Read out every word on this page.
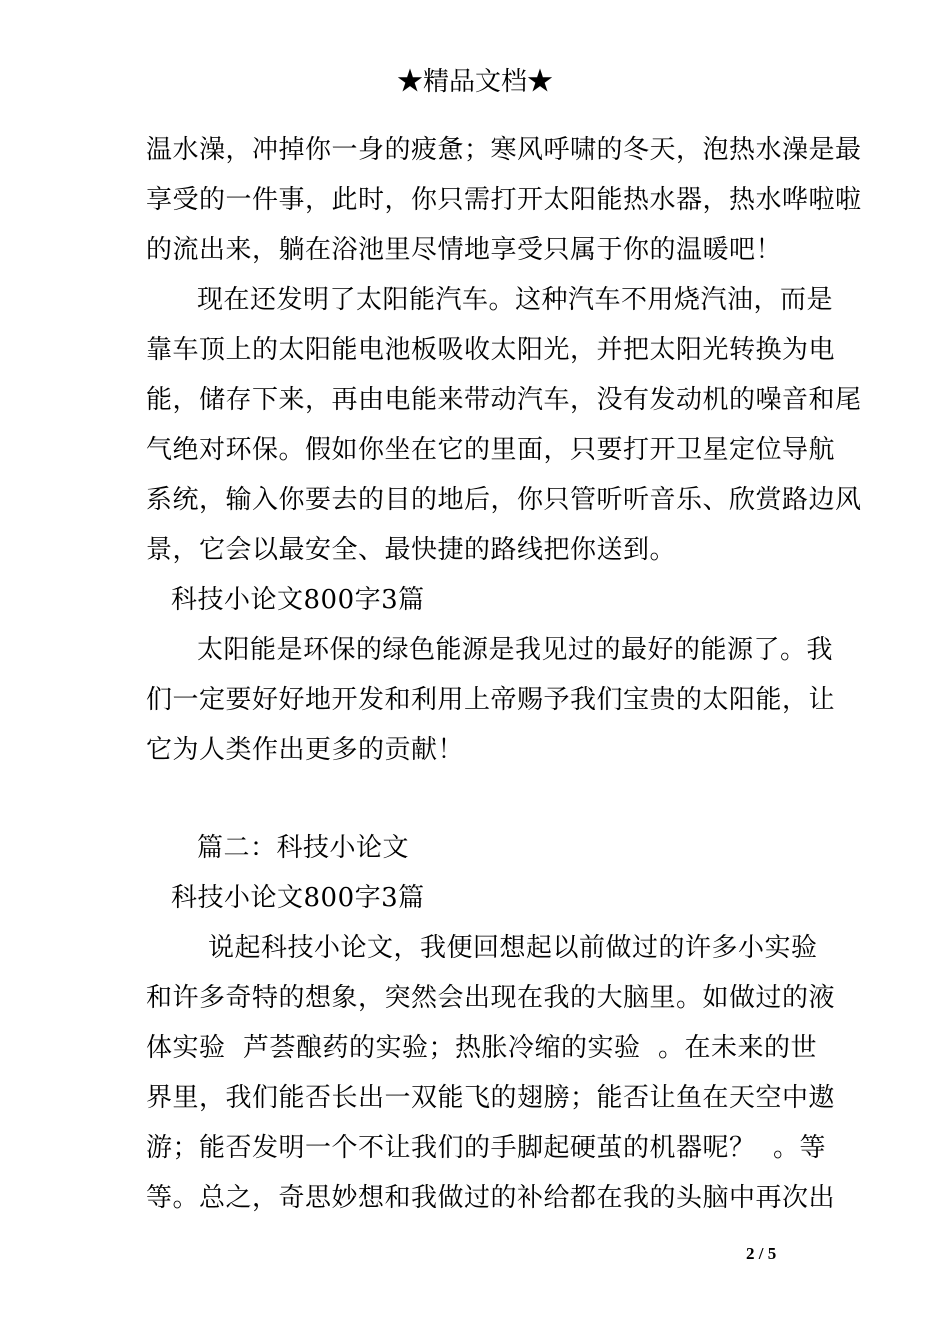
★精品文档★
温水澡，冲掉你一身的疲惫；寒风呼啸的冬天，泡热水澡是最
享受的一件事，此时，你只需打开太阳能热水器，热水哗啦啦
的流出来，躺在浴池里尽情地享受只属于你的温暖吧！
现在还发明了太阳能汽车。这种汽车不用烧汽油，而是
靠车顶上的太阳能电池板吸收太阳光，并把太阳光转换为电
能，储存下来，再由电能来带动汽车，没有发动机的噪音和尾
气绝对环保。假如你坐在它的里面，只要打开卫星定位导航
系统，输入你要去的目的地后，你只管听听音乐、欣赏路边风
景，它会以最安全、最快捷的路线把你送到。
科技小论文800字3篇
太阳能是环保的绿色能源是我见过的最好的能源了。我
们一定要好好地开发和利用上帝赐予我们宝贵的太阳能，让
它为人类作出更多的贡献！
篇二：科技小论文
科技小论文800字3篇
说起科技小论文，我便回想起以前做过的许多小实验
和许多奇特的想象，突然会出现在我的大脑里。如做过的液
体实验  芦荟酿药的实验；热胀冷缩的实验  。在未来的世
界里，我们能否长出一双能飞的翅膀；能否让鱼在天空中遨
游；能否发明一个不让我们的手脚起硬茧的机器呢？  。等
等。总之，奇思妙想和我做过的补给都在我的头脑中再次出
2 / 5
